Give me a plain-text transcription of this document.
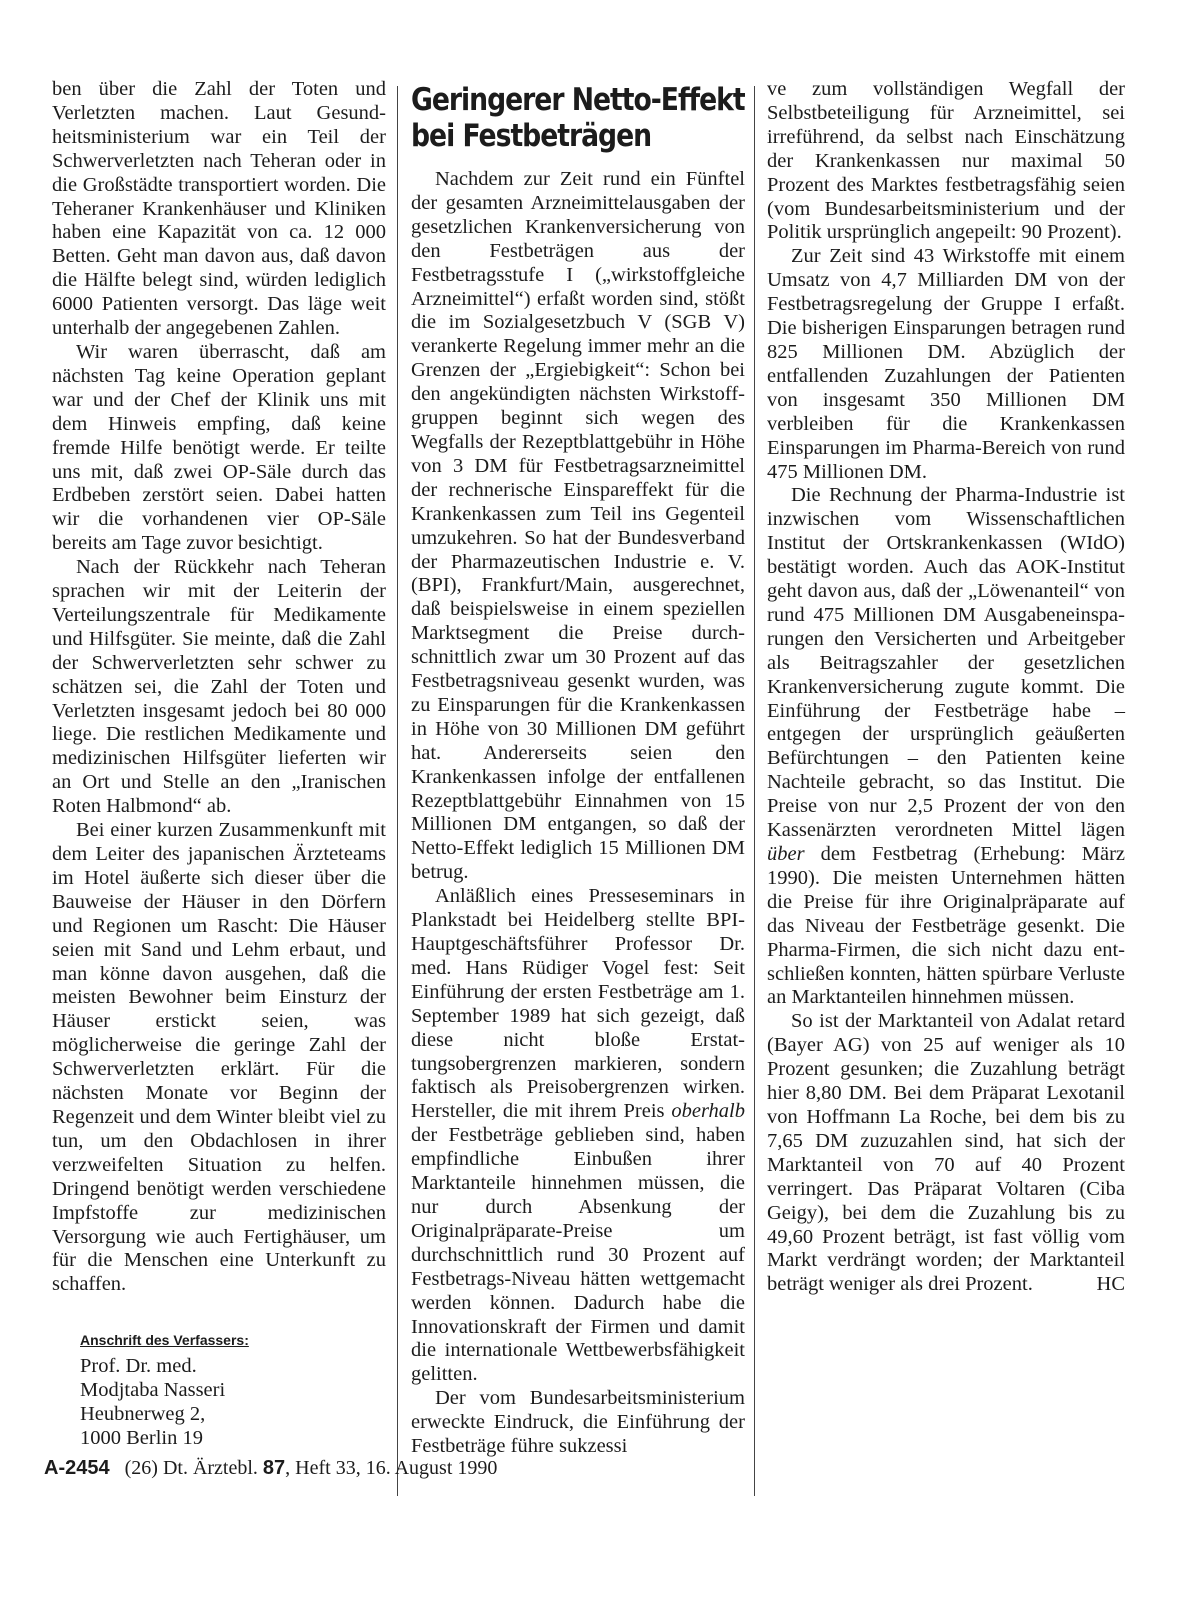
ben über die Zahl der Toten und Verletzten machen. Laut Gesundheitsministerium war ein Teil der Schwerverletzten nach Teheran oder in die Großstädte transportiert worden. Die Teheraner Krankenhäuser und Kliniken haben eine Kapazität von ca. 12 000 Betten. Geht man davon aus, daß davon die Hälfte belegt sind, würden lediglich 6000 Patienten versorgt. Das läge weit unterhalb der angegebenen Zahlen.

Wir waren überrascht, daß am nächsten Tag keine Operation geplant war und der Chef der Klinik uns mit dem Hinweis empfing, daß keine fremde Hilfe benötigt werde. Er teilte uns mit, daß zwei OP-Säle durch das Erdbeben zerstört seien. Dabei hatten wir die vorhandenen vier OP-Säle bereits am Tage zuvor besichtigt.

Nach der Rückkehr nach Teheran sprachen wir mit der Leiterin der Verteilungszentrale für Medikamente und Hilfsgüter. Sie meinte, daß die Zahl der Schwerverletzten sehr schwer zu schätzen sei, die Zahl der Toten und Verletzten insgesamt jedoch bei 80 000 liege. Die restlichen Medikamente und medizinischen Hilfsgüter lieferten wir an Ort und Stelle an den „Iranischen Roten Halbmond“ ab.

Bei einer kurzen Zusammenkunft mit dem Leiter des japanischen Ärzteteams im Hotel äußerte sich dieser über die Bauweise der Häuser in den Dörfern und Regionen um Rascht: Die Häuser seien mit Sand und Lehm erbaut, und man könne davon ausgehen, daß die meisten Bewohner beim Einsturz der Häuser erstickt seien, was möglicherweise die geringe Zahl der Schwerverletzten erklärt. Für die nächsten Monate vor Beginn der Regenzeit und dem Winter bleibt viel zu tun, um den Obdachlosen in ihrer verzweifelten Situation zu helfen. Dringend benötigt werden verschiedene Impfstoffe zur medizinischen Versorgung wie auch Fertighäuser, um für die Menschen eine Unterkunft zu schaffen.

Anschrift des Verfassers:
Prof. Dr. med.
Modjtaba Nasseri
Heubnerweg 2,
1000 Berlin 19
Geringerer Netto-Effekt
bei Festbeträgen

Nachdem zur Zeit rund ein Fünftel der gesamten Arzneimittelausgaben der gesetzlichen Krankenversicherung von den Festbeträgen aus der Festbetragsstufe I („wirkstoffgleiche Arzneimittel“) erfaßt worden sind, stößt die im Sozialgesetzbuch V (SGB V) verankerte Regelung immer mehr an die Grenzen der „Ergiebigkeit“: Schon bei den angekündigten nächsten Wirkstoffgruppen beginnt sich wegen des Wegfalls der Rezeptblattgebühr in Höhe von 3 DM für Festbetragsarzneimittel der rechnerische Einspareffekt für die Krankenkassen zum Teil ins Gegenteil umzukehren. So hat der Bundesverband der Pharmazeutischen Industrie e. V. (BPI), Frankfurt/Main, ausgerechnet, daß beispielsweise in einem speziellen Marktsegment die Preise durchschnittlich zwar um 30 Prozent auf das Festbetragsniveau gesenkt wurden, was zu Einsparungen für die Krankenkassen in Höhe von 30 Millionen DM geführt hat. Andererseits seien den Krankenkassen infolge der entfallenen Rezeptblattgebühr Einnahmen von 15 Millionen DM entgangen, so daß der Netto-Effekt lediglich 15 Millionen DM betrug.

Anläßlich eines Presseseminars in Plankstadt bei Heidelberg stellte BPI-Hauptgeschäftsführer Professor Dr. med. Hans Rüdiger Vogel fest: Seit Einführung der ersten Festbeträge am 1. September 1989 hat sich gezeigt, daß diese nicht bloße Erstattungsobergrenzen markieren, sondern faktisch als Preisobergrenzen wirken. Hersteller, die mit ihrem Preis oberhalb der Festbeträge geblieben sind, haben empfindliche Einbußen ihrer Marktanteile hinnehmen müssen, die nur durch Absenkung der Originalpräparate-Preise um durchschnittlich rund 30 Prozent auf Festbetrags-Niveau hätten wettgemacht werden können. Dadurch habe die Innovationskraft der Firmen und damit die internationale Wettbewerbsfähigkeit gelitten.

Der vom Bundesarbeitsministerium erweckte Eindruck, die Einführung der Festbeträge führe sukzessi

ve zum vollständigen Wegfall der Selbstbeteiligung für Arzneimittel, sei irreführend, da selbst nach Einschätzung der Krankenkassen nur maximal 50 Prozent des Marktes festbetragsfähig seien (vom Bundesarbeitsministerium und der Politik ursprünglich angepeilt: 90 Prozent).

Zur Zeit sind 43 Wirkstoffe mit einem Umsatz von 4,7 Milliarden DM von der Festbetragsregelung der Gruppe I erfaßt. Die bisherigen Einsparungen betragen rund 825 Millionen DM. Abzüglich der entfallenden Zuzahlungen der Patienten von insgesamt 350 Millionen DM verbleiben für die Krankenkassen Einsparungen im Pharma-Bereich von rund 475 Millionen DM.

Die Rechnung der Pharma-Industrie ist inzwischen vom Wissenschaftlichen Institut der Ortskrankenkassen (WIdO) bestätigt worden. Auch das AOK-Institut geht davon aus, daß der „Löwenanteil“ von rund 475 Millionen DM Ausgabeneinsparungen den Versicherten und Arbeitgeber als Beitragszahler der gesetzlichen Krankenversicherung zugute kommt. Die Einführung der Festbeträge habe – entgegen der ursprünglich geäußerten Befürchtungen – den Patienten keine Nachteile gebracht, so das Institut. Die Preise von nur 2,5 Prozent der von den Kassenärzten verordneten Mittel lägen über dem Festbetrag (Erhebung: März 1990). Die meisten Unternehmen hätten die Preise für ihre Originalpräparate auf das Niveau der Festbeträge gesenkt. Die Pharma-Firmen, die sich nicht dazu entschließen konnten, hätten spürbare Verluste an Marktanteilen hinnehmen müssen.

So ist der Marktanteil von Adalat retard (Bayer AG) von 25 auf weniger als 10 Prozent gesunken; die Zuzahlung beträgt hier 8,80 DM. Bei dem Präparat Lexotanil von Hoffmann La Roche, bei dem bis zu 7,65 DM zuzuzahlen sind, hat sich der Marktanteil von 70 auf 40 Prozent verringert. Das Präparat Voltaren (Ciba Geigy), bei dem die Zuzahlung bis zu 49,60 Prozent beträgt, ist fast völlig vom Markt verdrängt worden; der Marktanteil beträgt weniger als drei Prozent.	HC

A-2454 (26) Dt. Ärztebl. 87, Heft 33, 16. August 1990
